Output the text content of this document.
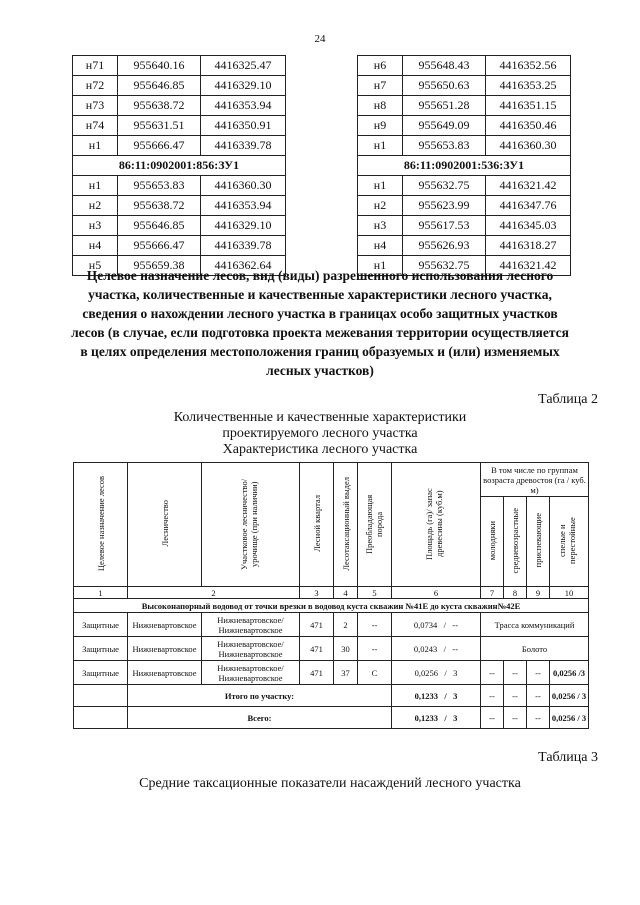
24
н71	955640.16	4416325.47
н72	955646.85	4416329.10
н73	955638.72	4416353.94
н74	955631.51	4416350.91
н1	955666.47	4416339.78
86:11:0902001:856:ЗУ1		
н1	955653.83	4416360.30
н2	955638.72	4416353.94
н3	955646.85	4416329.10
н4	955666.47	4416339.78
н5	955659.38	4416362.64
н6	955648.43	4416352.56
н7	955650.63	4416353.25
н8	955651.28	4416351.15
н9	955649.09	4416350.46
н1	955653.83	4416360.30
86:11:0902001:536:ЗУ1		
н1	955632.75	4416321.42
н2	955623.99	4416347.76
н3	955617.53	4416345.03
н4	955626.93	4416318.27
н1	955632.75	4416321.42
Целевое назначение лесов, вид (виды) разрешенного использования лесного участка, количественные и качественные характеристики лесного участка, сведения о нахождении лесного участка в границах особо защитных участков лесов (в случае, если подготовка проекта межевания территории осуществляется в целях определения местоположения границ образуемых и (или) изменяемых лесных участков)
Таблица 2
Количественные и качественные характеристики
проектируемого лесного участка
Характеристика лесного участка
Целевое назначение лесов	Лесничество	Участковое лесничество/урочище (при наличии)	Лесной квартал	Лесотаксационный выдел	Преобладающая порода	Площадь (га)/ запас древесины (куб.м)	В том числе по группам возраста древостоя (га / куб. м)			
							молодняки	средневозрастные	приспевающие	спелые и перестойные
1	2		3	4	5	6	7	8	9	10
Высоконапорный водовод от точки врезки в водовод куста скважин №41Е до куста скважин№42Е										
Защитные	Нижневартовское	Нижневартовское/ Нижневартовское	471	2	--	0,0734 / --	Трасса коммуникаций			
Защитные	Нижневартовское	Нижневартовское/ Нижневартовское	471	30	--	0,0243 / --	Болото			
Защитные	Нижневартовское	Нижневартовское/ Нижневартовское	471	37	С	0,0256 / 3	--	--	--	0,0256 /3
	Итого по участку:					0,1233 / 3	--	--	--	0,0256 / 3
	Всего:					0,1233 / 3	--	--	--	0,0256 / 3
Таблица 3
Средние таксационные показатели насаждений лесного участка
